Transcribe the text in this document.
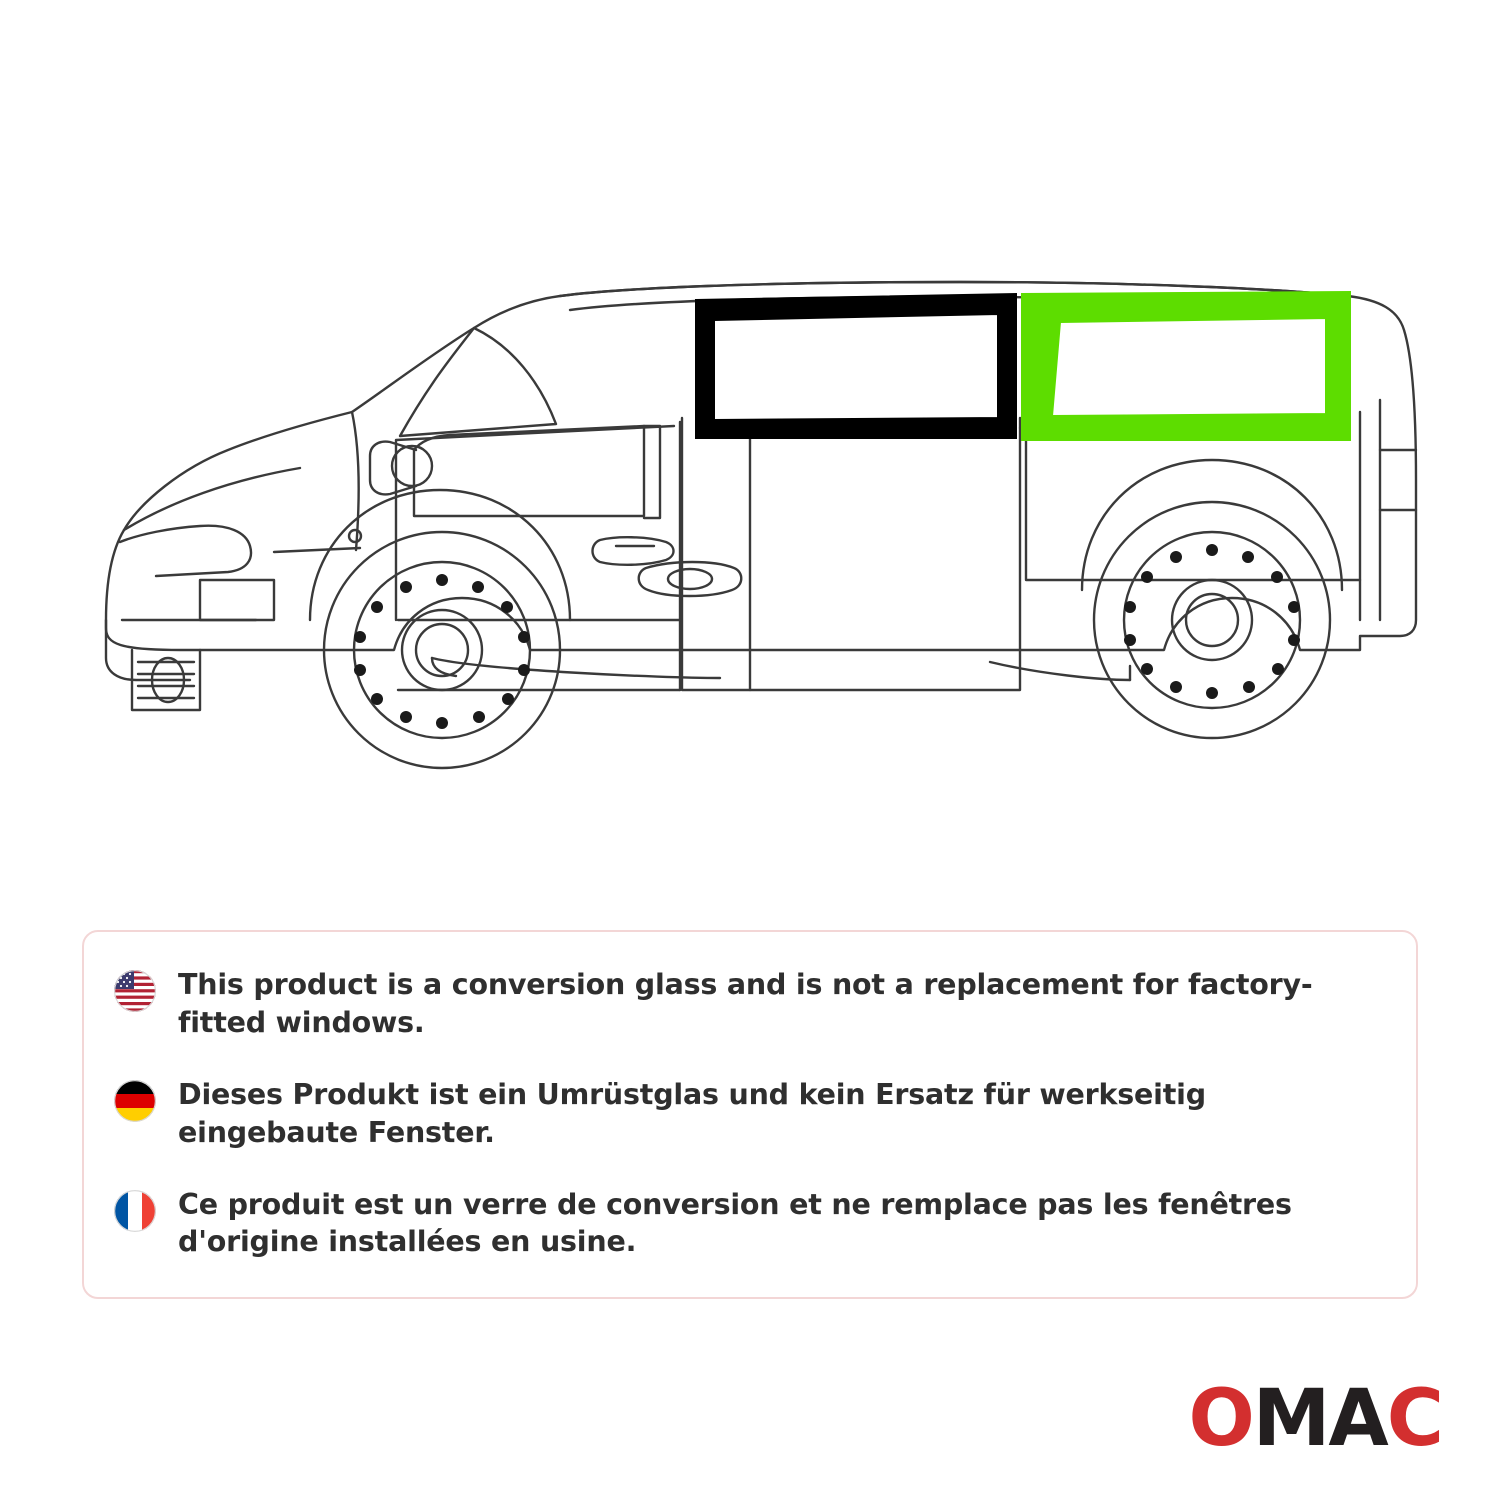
This product is a conversion glass and is not a replacement for factory-fitted windows.
Dieses Produkt ist ein Umrüstglas und kein Ersatz für werkseitig eingebaute Fenster.
Ce produit est un verre de conversion et ne remplace pas les fenêtres d'origine installées en usine.
O M A C
